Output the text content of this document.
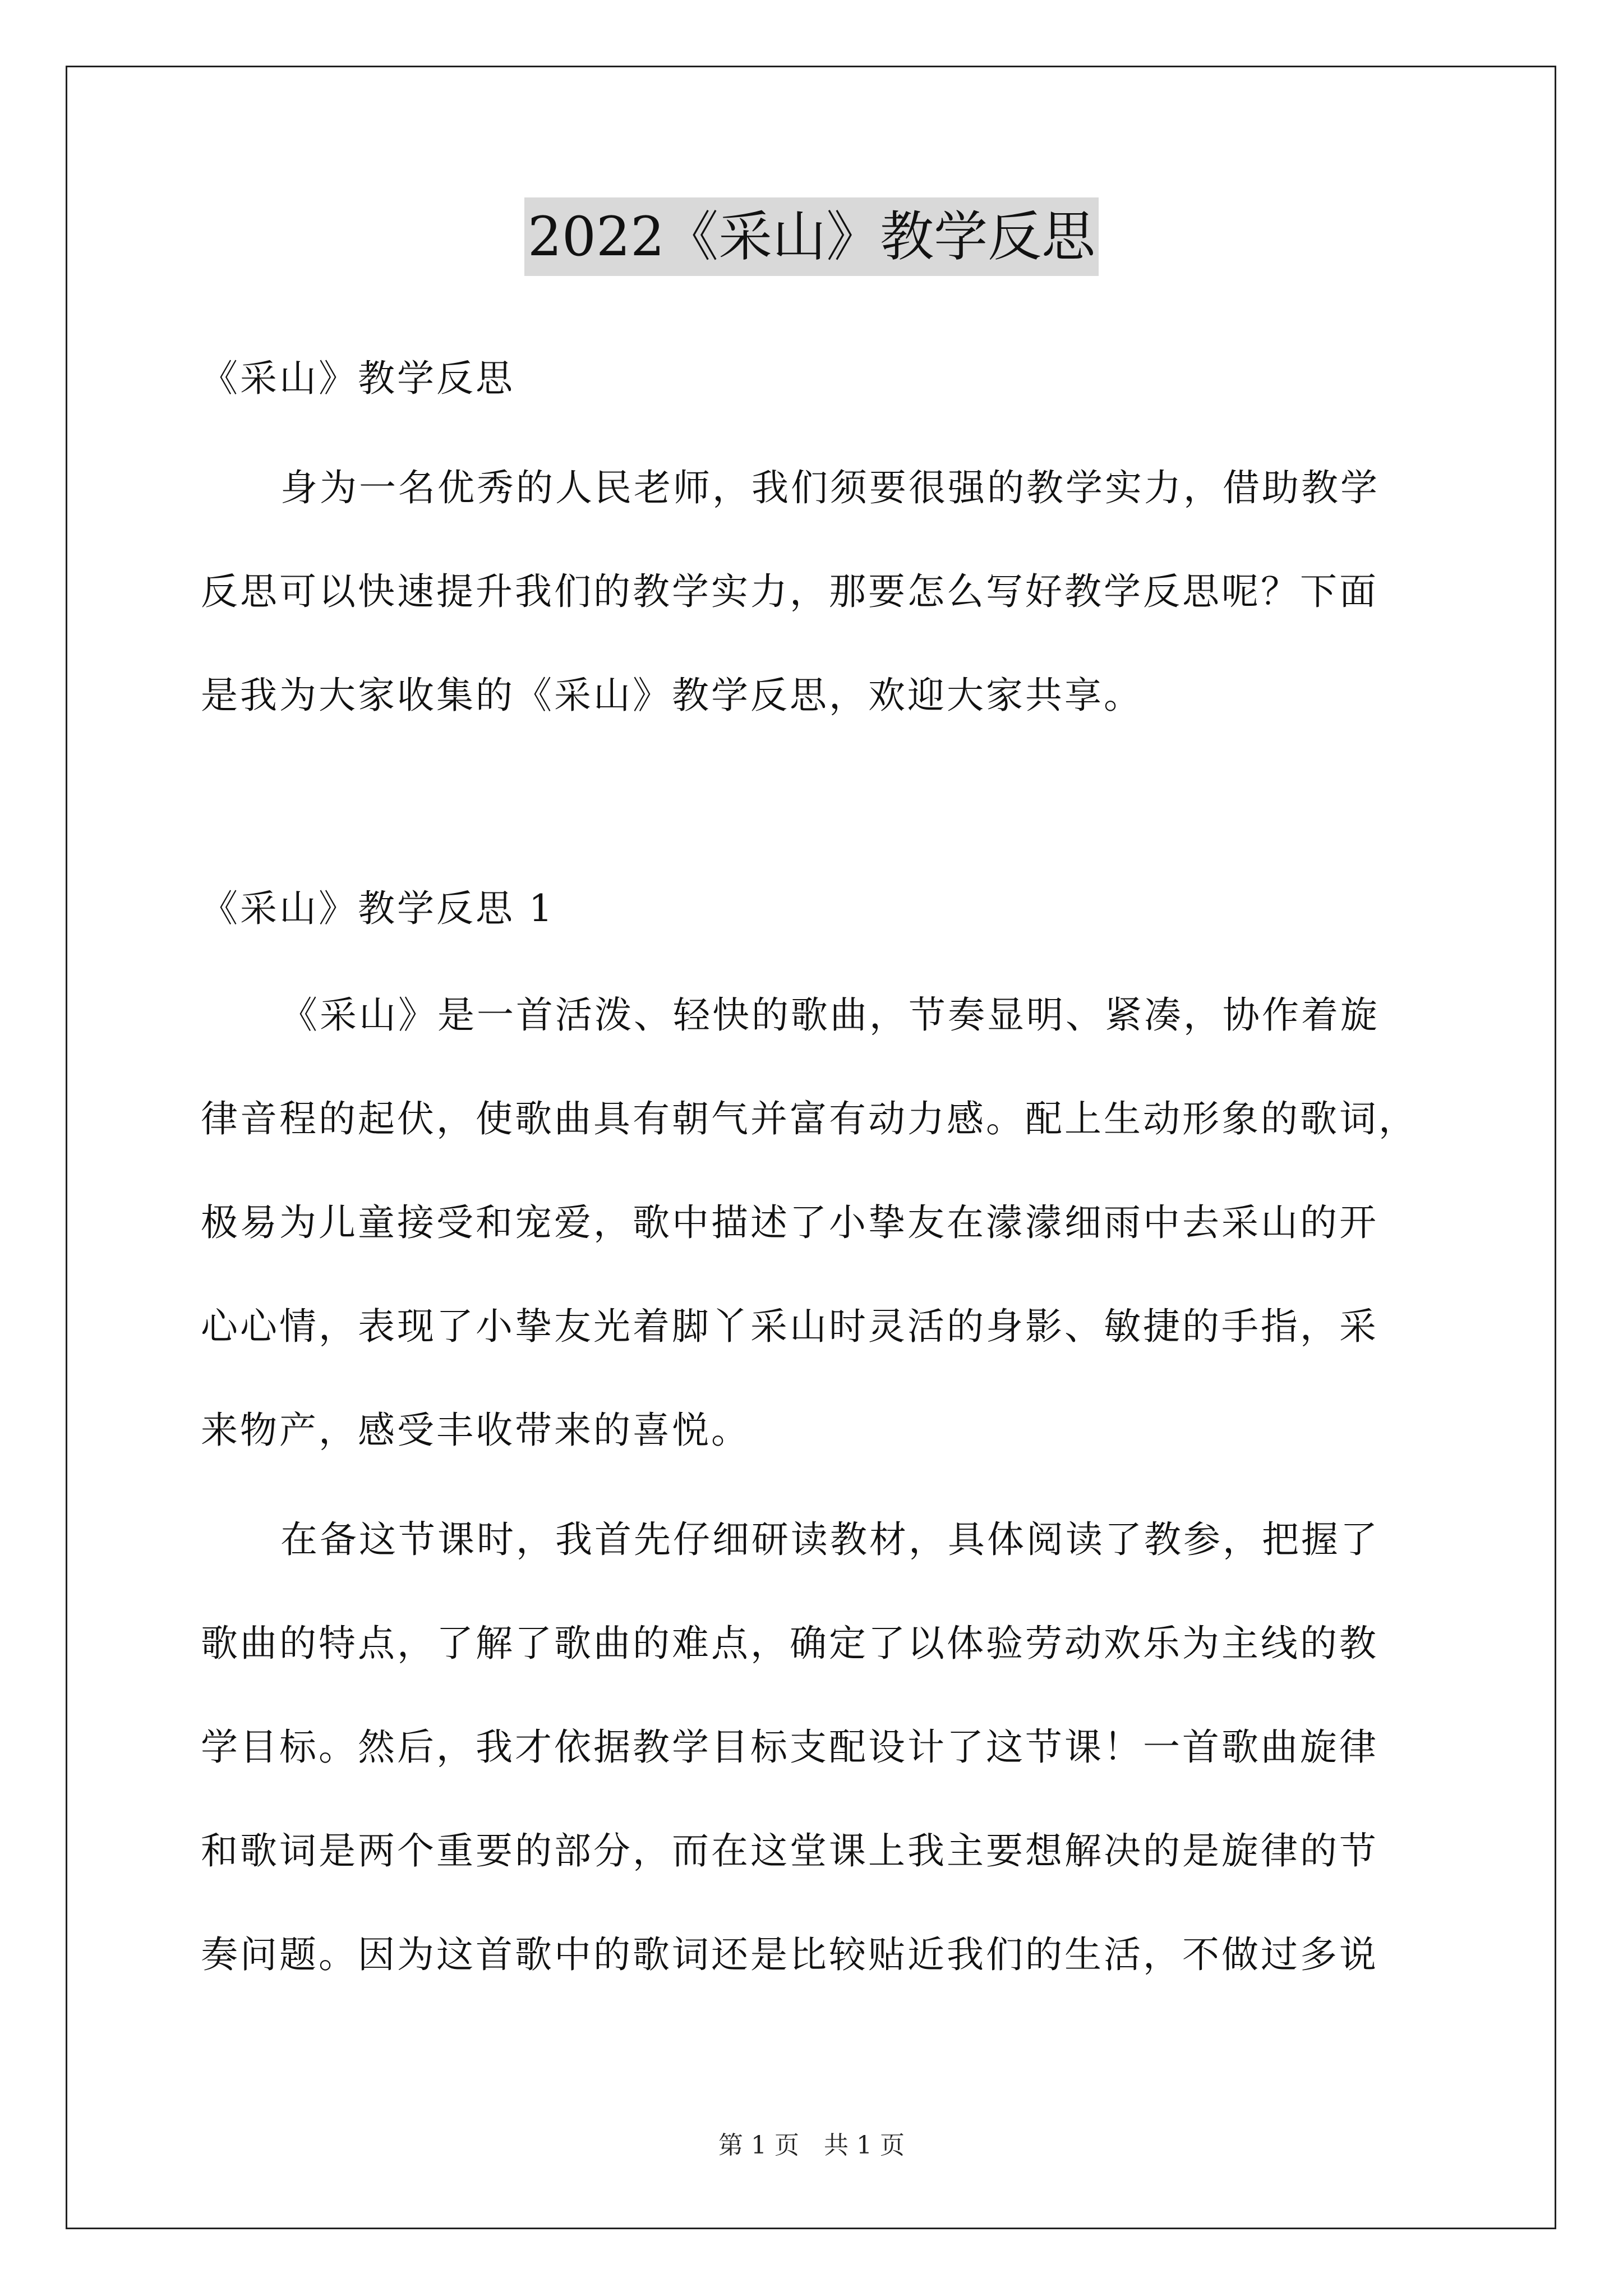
2022《采山》教学反思
《采山》教学反思
身为一名优秀的人民老师，我们须要很强的教学实力，借助教学
反思可以快速提升我们的教学实力，那要怎么写好教学反思呢？下面
是我为大家收集的《采山》教学反思，欢迎大家共享。
《采山》教学反思 1
《采山》是一首活泼、轻快的歌曲，节奏显明、紧凑，协作着旋
律音程的起伏，使歌曲具有朝气并富有动力感。配上生动形象的歌词，
极易为儿童接受和宠爱，歌中描述了小挚友在濛濛细雨中去采山的开
心心情，表现了小挚友光着脚丫采山时灵活的身影、敏捷的手指，采
来物产，感受丰收带来的喜悦。
在备这节课时，我首先仔细研读教材，具体阅读了教参，把握了
歌曲的特点，了解了歌曲的难点，确定了以体验劳动欢乐为主线的教
学目标。然后，我才依据教学目标支配设计了这节课！一首歌曲旋律
和歌词是两个重要的部分，而在这堂课上我主要想解决的是旋律的节
奏问题。因为这首歌中的歌词还是比较贴近我们的生活，不做过多说
第 1 页　共 1 页
